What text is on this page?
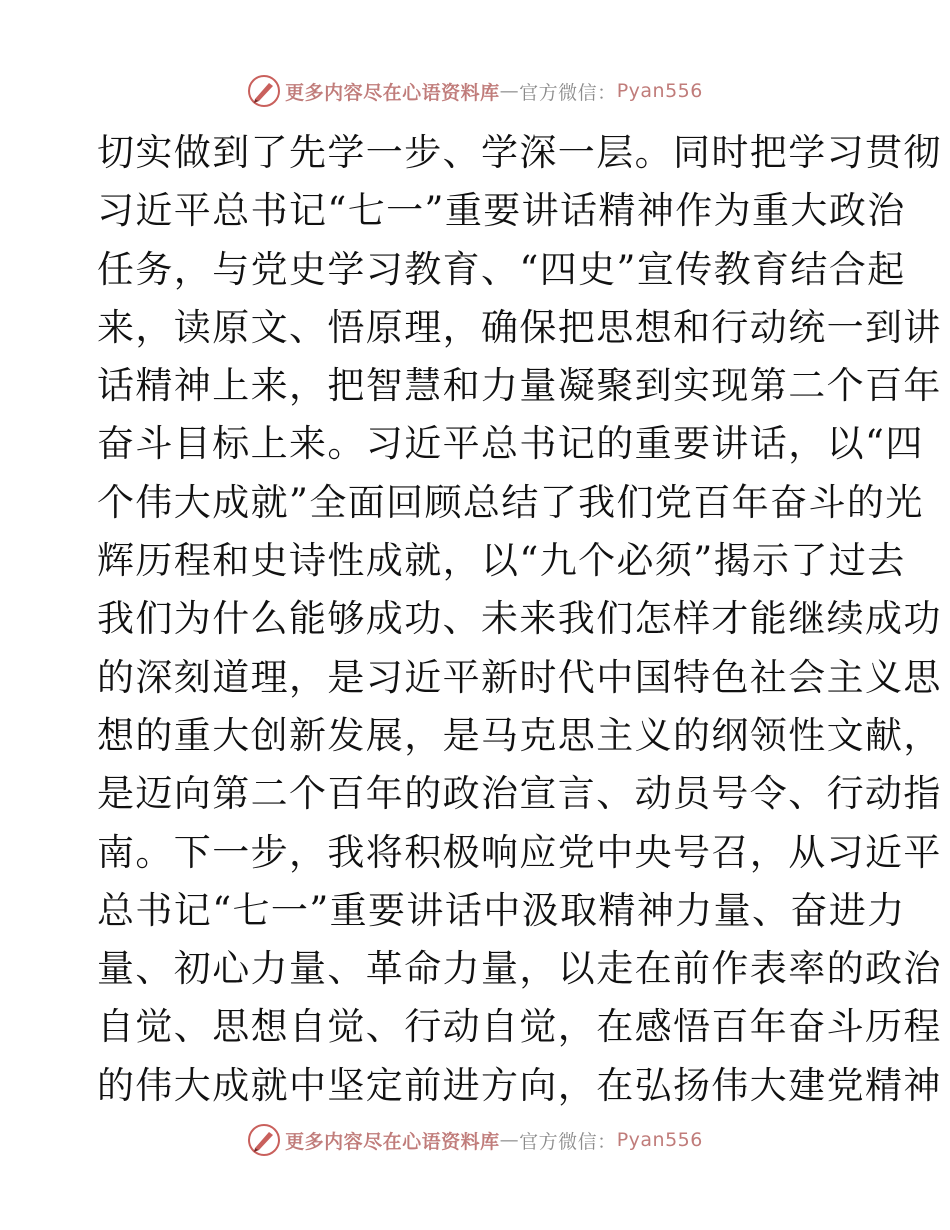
更多内容尽在心语资料库 — 官方微信： Pyan556
切实做到了先学一步、学深一层。同时把学习贯彻
习近平总书记“七一”重要讲话精神作为重大政治
任务，与党史学习教育、“四史”宣传教育结合起
来，读原文、悟原理，确保把思想和行动统一到讲
话精神上来，把智慧和力量凝聚到实现第二个百年
奋斗目标上来。习近平总书记的重要讲话，以“四
个伟大成就”全面回顾总结了我们党百年奋斗的光
辉历程和史诗性成就，以“九个必须”揭示了过去
我们为什么能够成功、未来我们怎样才能继续成功
的深刻道理，是习近平新时代中国特色社会主义思
想的重大创新发展，是马克思主义的纲领性文献，
是迈向第二个百年的政治宣言、动员号令、行动指
南。下一步，我将积极响应党中央号召，从习近平
总书记“七一”重要讲话中汲取精神力量、奋进力
量、初心力量、革命力量，以走在前作表率的政治
自觉、思想自觉、行动自觉，在感悟百年奋斗历程
的伟大成就中坚定前进方向，在弘扬伟大建党精神
更多内容尽在心语资料库 — 官方微信： Pyan556
